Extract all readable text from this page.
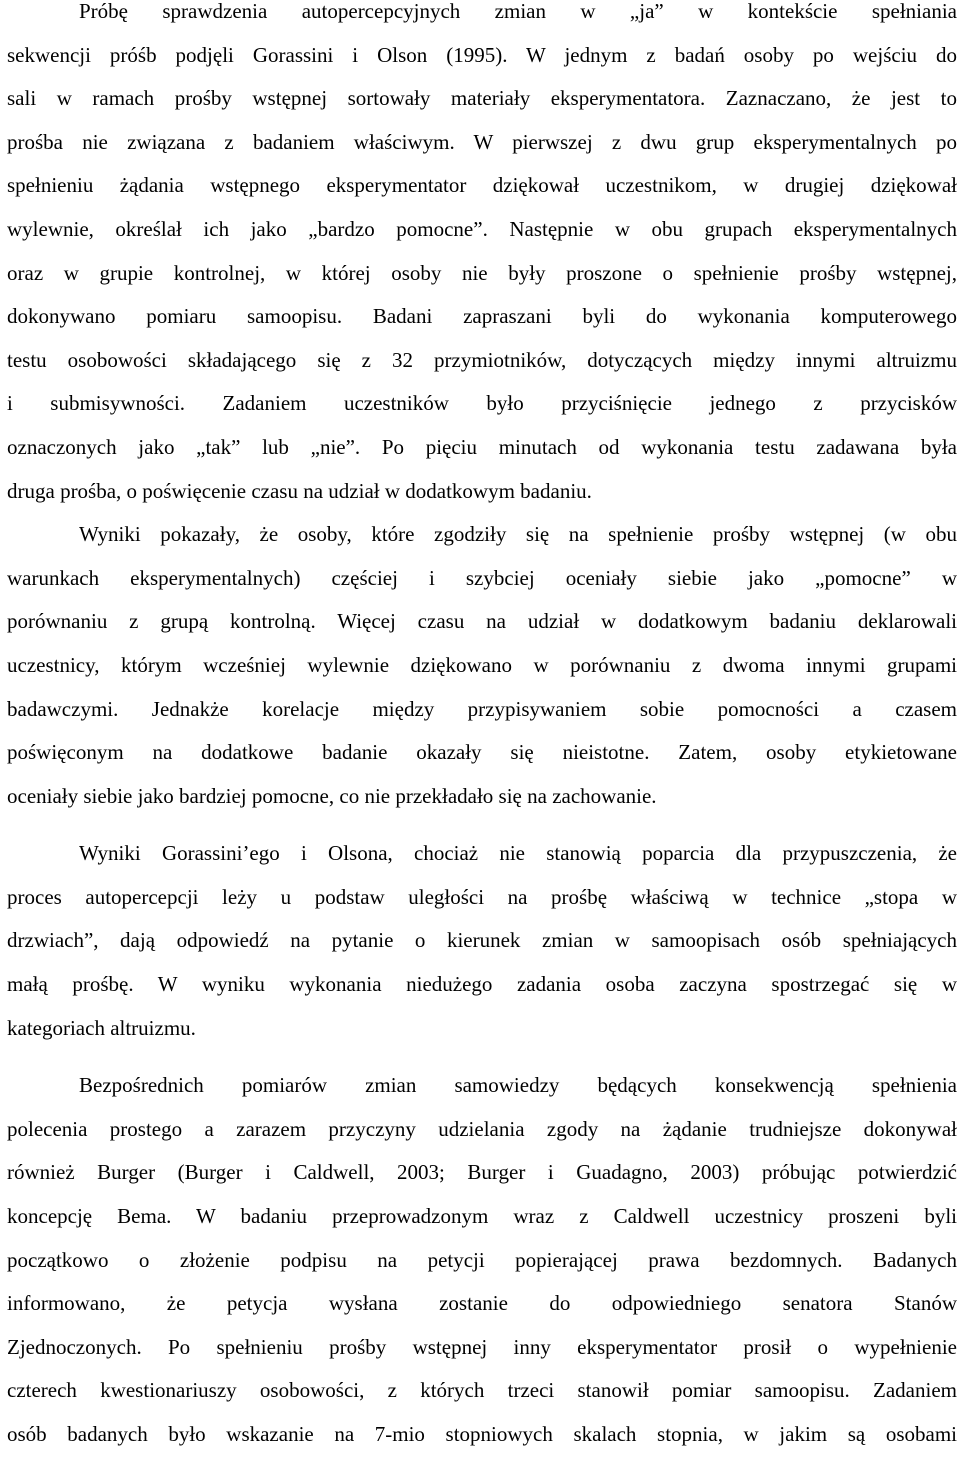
Próbę sprawdzenia autopercepcyjnych zmian w „ja” w kontekście spełniania
sekwencji próśb podjęli Gorassini i Olson (1995). W jednym z badań osoby po wejściu do
sali w ramach prośby wstępnej sortowały materiały eksperymentatora. Zaznaczano, że jest to
prośba nie związana z badaniem właściwym. W pierwszej z dwu grup eksperymentalnych po
spełnieniu żądania wstępnego eksperymentator dziękował uczestnikom, w drugiej dziękował
wylewnie, określał ich jako „bardzo pomocne”. Następnie w obu grupach eksperymentalnych
oraz w grupie kontrolnej, w której osoby nie były proszone o spełnienie prośby wstępnej,
dokonywano pomiaru samoopisu. Badani zapraszani byli do wykonania komputerowego
testu osobowości składającego się z 32 przymiotników, dotyczących między innymi altruizmu
i submisywności. Zadaniem uczestników było przyciśnięcie jednego z przycisków
oznaczonych jako „tak” lub „nie”. Po pięciu minutach od wykonania testu zadawana była
druga prośba, o poświęcenie czasu na udział w dodatkowym badaniu.
Wyniki pokazały, że osoby, które zgodziły się na spełnienie prośby wstępnej (w obu
warunkach eksperymentalnych) częściej i szybciej oceniały siebie jako „pomocne” w
porównaniu z grupą kontrolną. Więcej czasu na udział w dodatkowym badaniu deklarowali
uczestnicy, którym wcześniej wylewnie dziękowano w porównaniu z dwoma innymi grupami
badawczymi. Jednakże korelacje między przypisywaniem sobie pomocności a czasem
poświęconym na dodatkowe badanie okazały się nieistotne. Zatem, osoby etykietowane
oceniały siebie jako bardziej pomocne, co nie przekładało się na zachowanie.
Wyniki Gorassini’ego i Olsona, chociaż nie stanowią poparcia dla przypuszczenia, że
proces autopercepcji leży u podstaw uległości na prośbę właściwą w technice „stopa w
drzwiach”, dają odpowiedź na pytanie o kierunek zmian w samoopisach osób spełniających
małą prośbę. W wyniku wykonania niedużego zadania osoba zaczyna spostrzegać się w
kategoriach altruizmu.
Bezpośrednich pomiarów zmian samowiedzy będących konsekwencją spełnienia
polecenia prostego a zarazem przyczyny udzielania zgody na żądanie trudniejsze dokonywał
również Burger (Burger i Caldwell, 2003; Burger i Guadagno, 2003) próbując potwierdzić
koncepcję Bema. W badaniu przeprowadzonym wraz z Caldwell uczestnicy proszeni byli
początkowo o złożenie podpisu na petycji popierającej prawa bezdomnych. Badanych
informowano, że petycja wysłana zostanie do odpowiedniego senatora Stanów
Zjednoczonych. Po spełnieniu prośby wstępnej inny eksperymentator prosił o wypełnienie
czterech kwestionariuszy osobowości, z których trzeci stanowił pomiar samoopisu. Zadaniem
osób badanych było wskazanie na 7-mio stopniowych skalach stopnia, w jakim są osobami
